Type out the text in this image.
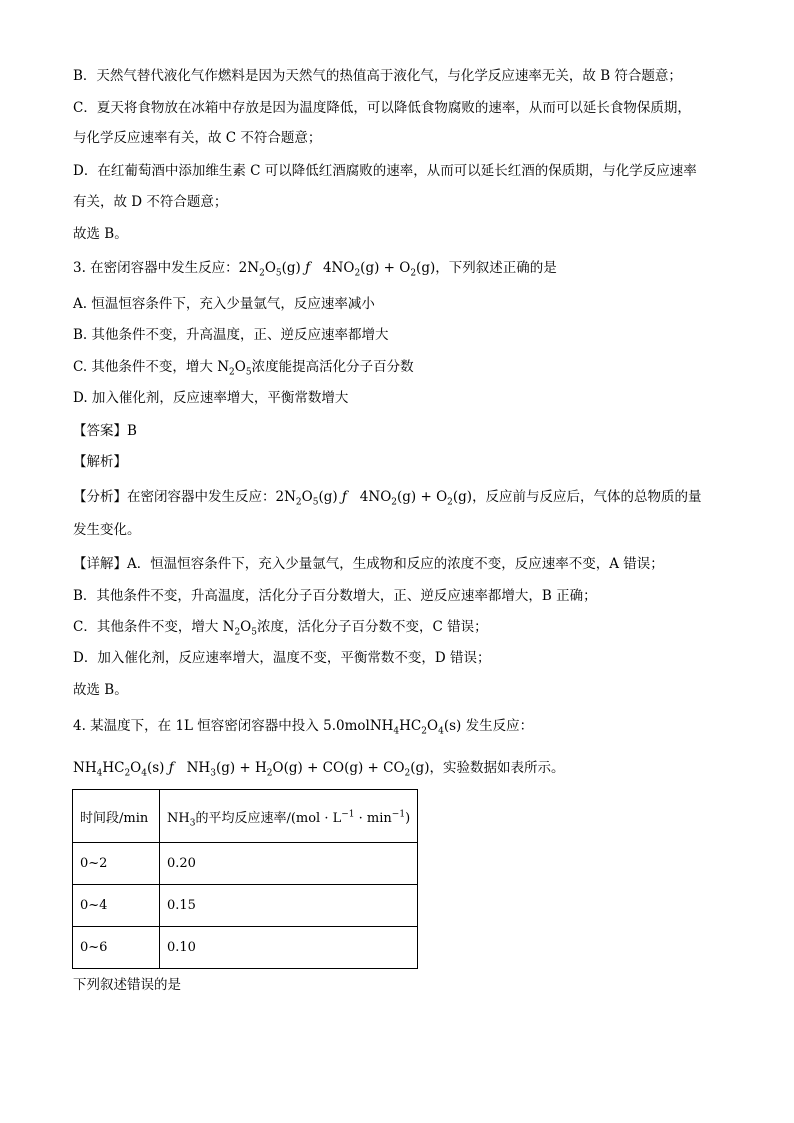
B．天然气替代液化气作燃料是因为天然气的热值高于液化气，与化学反应速率无关，故 B 符合题意；
C．夏天将食物放在冰箱中存放是因为温度降低，可以降低食物腐败的速率，从而可以延长食物保质期，
与化学反应速率有关，故 C 不符合题意；
D．在红葡萄酒中添加维生素 C 可以降低红酒腐败的速率，从而可以延长红酒的保质期，与化学反应速率
有关，故 D 不符合题意；
故选 B。
3. 在密闭容器中发生反应：$2N_2O_5(g)$ ƒ   $4NO_2(g) + O_2(g)$，下列叙述正确的是
A. 恒温恒容条件下，充入少量氩气，反应速率减小
B. 其他条件不变，升高温度，正、逆反应速率都增大
C. 其他条件不变，增大 $N_2O_5$浓度能提高活化分子百分数
D. 加入催化剂，反应速率增大，平衡常数增大
【答案】B
【解析】
【分析】在密闭容器中发生反应：$2N_2O_5(g)$ ƒ   $4NO_2(g) + O_2(g)$，反应前与反应后，气体的总物质的量
发生变化。
【详解】A．恒温恒容条件下，充入少量氩气，生成物和反应的浓度不变，反应速率不变，A 错误；
B．其他条件不变，升高温度，活化分子百分数增大，正、逆反应速率都增大，B 正确；
C．其他条件不变，增大 $N_2O_5$浓度，活化分子百分数不变，C 错误；
D．加入催化剂，反应速率增大，温度不变，平衡常数不变，D 错误；
故选 B。
4. 某温度下，在 1L 恒容密闭容器中投入 $5.0molNH_4HC_2O_4(s)$ 发生反应：
$NH_4HC_2O_4(s)$ ƒ   $NH_3(g) + H_2O(g) + CO(g) + CO_2(g)$，实验数据如表所示。
时间段/min	$NH_3$的平均反应速率$/(mol \cdot L^{-1} \cdot \min^{-1})$
0~2	0.20
0~4	0.15
0~6	0.10
下列叙述错误的是
